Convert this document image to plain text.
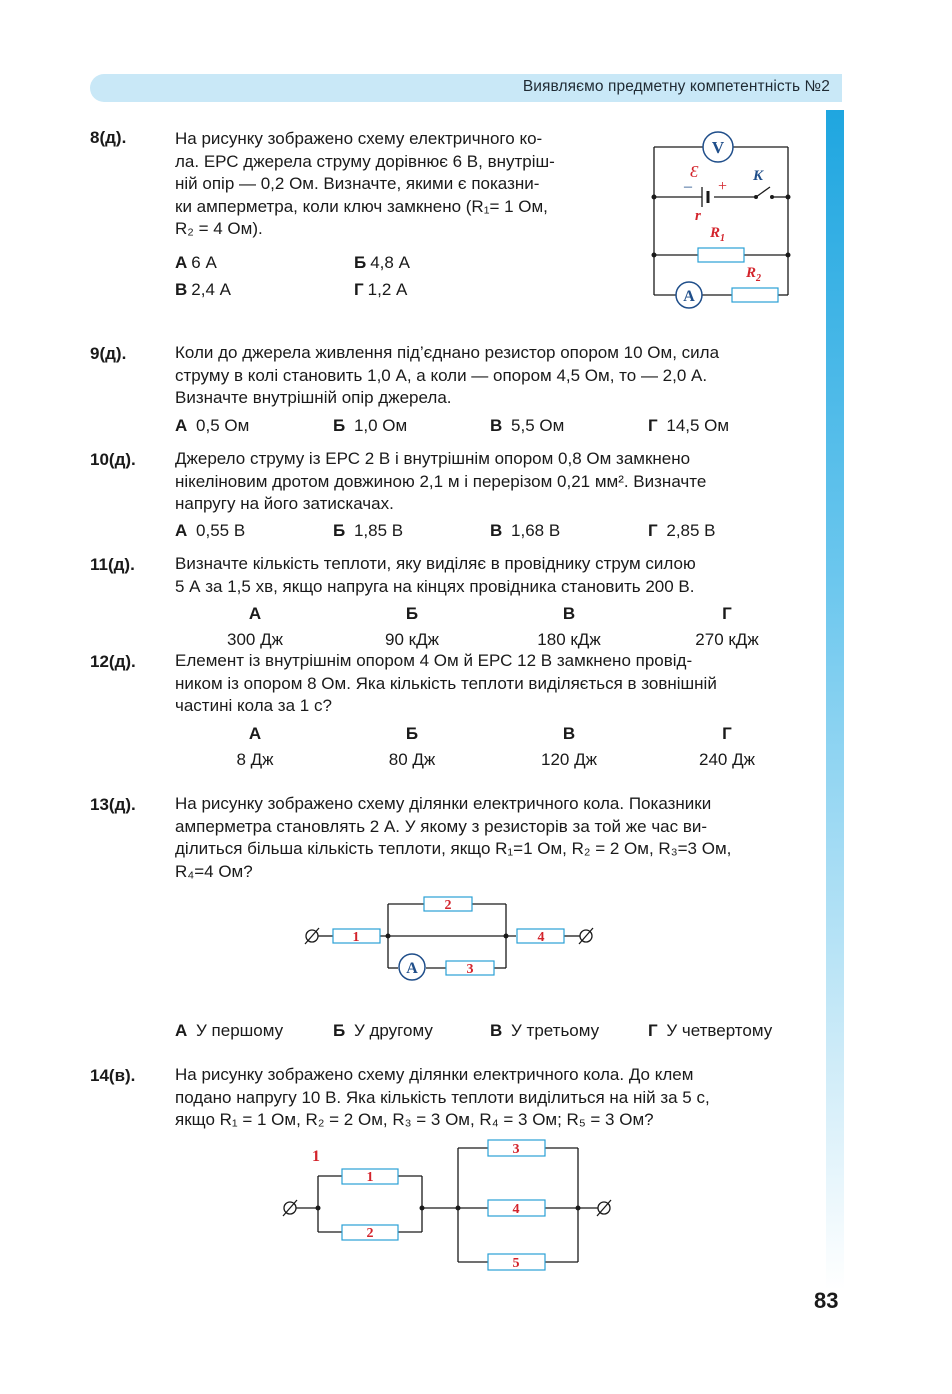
Виявляємо предметну компетентність №2
8(д).	На рисунку зображено схему електричного ко-
ла. ЕРС джерела струму дорівнює 6 В, внутріш-
ній опір — 0,2 Ом. Визначте, якими є показни-
ки амперметра, коли ключ замкнено (R₁= 1 Ом,
R₂ = 4 Ом).
А 6 А	Б 4,8 А
В 2,4 А	Г 1,2 А
V
Ɛ
– +
K
r
$R_1$
A
$R_2$
9(д).	Коли до джерела живлення під’єднано резистор опором 10 Ом, сила
струму в колі становить 1,0 А, а коли — опором 4,5 Ом, то — 2,0 А.
Визначте внутрішній опір джерела.
А 0,5 Ом	Б 1,0 Ом	В 5,5 Ом	Г 14,5 Ом
10(д). Джерело струму із ЕРС 2 В і внутрішнім опором 0,8 Ом замкнено
нікеліновим дротом довжиною 2,1 м і перерізом 0,21 мм². Визначте
напругу на його затискачах.
А 0,55 В	Б 1,85 В	В 1,68 В	Г 2,85 В
11(д). Визначте кількість теплоти, яку виділяє в провіднику струм силою
5 А за 1,5 хв, якщо напруга на кінцях провідника становить 200 В.
А	Б	В	Г
300 Дж	90 кДж	180 кДж	270 кДж
12(д). Елемент із внутрішнім опором 4 Ом й ЕРС 12 В замкнено провід-
ником із опором 8 Ом. Яка кількість теплоти виділяється в зовнішній
частині кола за 1 с?
А	Б	В	Г
8 Дж	80 Дж	120 Дж	240 Дж
13(д). На рисунку зображено схему ділянки електричного кола. Показники
амперметра становлять 2 А. У якому з резисторів за той же час ви-
ділиться більша кількість теплоти, якщо R₁=1 Ом, R₂ = 2 Ом, R₃=3 Ом,
R₄=4 Ом?
1
2
3
4
A
А У першому	Б У другому	В У третьому	Г У четвертому
14(в). На рисунку зображено схему ділянки електричного кола. До клем
подано напругу 10 В. Яка кількість теплоти виділиться на ній за 5 с,
якщо R₁ = 1 Ом, R₂ = 2 Ом, R₃ = 3 Ом, R₄ = 3 Ом; R₅ = 3 Ом?
1
1
2
3
4
5
83
